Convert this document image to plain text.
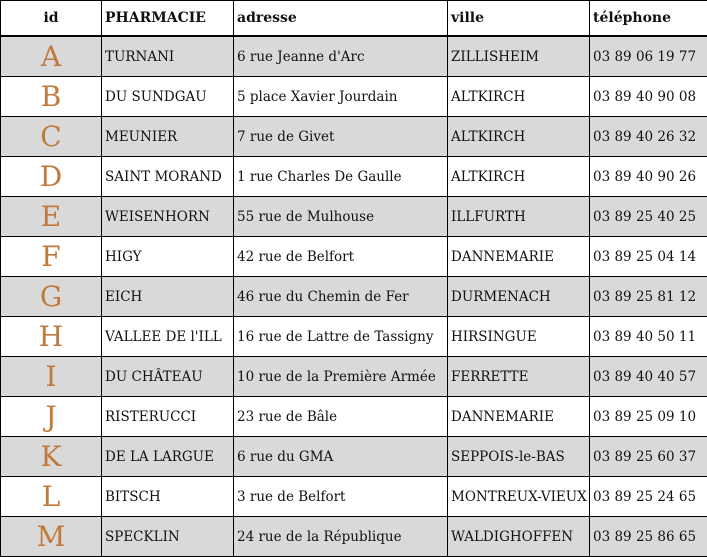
id	PHARMACIE	adresse	ville	téléphone
A	TURNANI	6 rue Jeanne d'Arc	ZILLISHEIM	03 89 06 19 77
B	DU SUNDGAU	5 place Xavier Jourdain	ALTKIRCH	03 89 40 90 08
C	MEUNIER	7 rue de Givet	ALTKIRCH	03 89 40 26 32
D	SAINT MORAND	1 rue Charles De Gaulle	ALTKIRCH	03 89 40 90 26
E	WEISENHORN	55 rue de Mulhouse	ILLFURTH	03 89 25 40 25
F	HIGY	42 rue de Belfort	DANNEMARIE	03 89 25 04 14
G	EICH	46 rue du Chemin de Fer	DURMENACH	03 89 25 81 12
H	VALLEE DE l'ILL	16 rue de Lattre de Tassigny	HIRSINGUE	03 89 40 50 11
I	DU CHÂTEAU	10 rue de la Première Armée	FERRETTE	03 89 40 40 57
J	RISTERUCCI	23 rue de Bâle	DANNEMARIE	03 89 25 09 10
K	DE LA LARGUE	6 rue du GMA	SEPPOIS-le-BAS	03 89 25 60 37
L	BITSCH	3 rue de Belfort	MONTREUX-VIEUX	03 89 25 24 65
M	SPECKLIN	24 rue de la République	WALDIGHOFFEN	03 89 25 86 65
